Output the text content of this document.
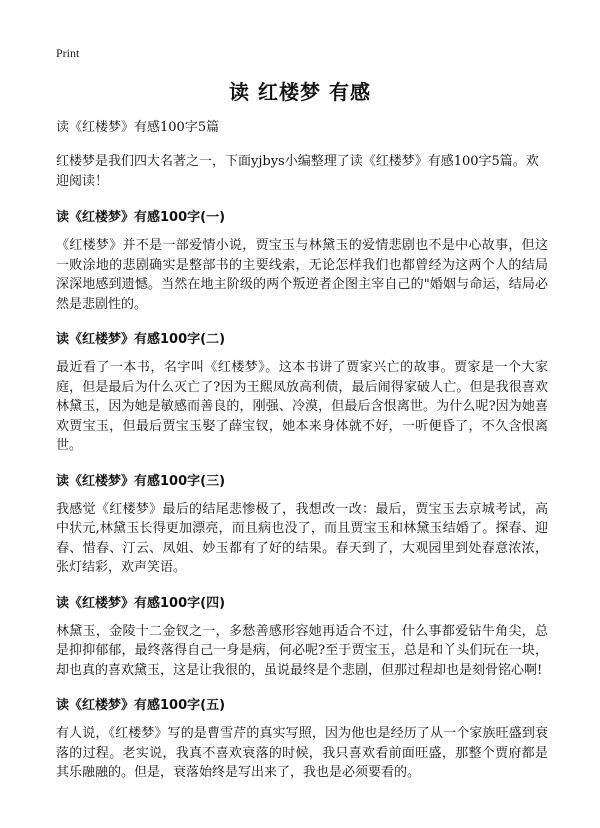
Print
读 红楼梦 有感

读《红楼梦》有感100字5篇

红楼梦是我们四大名著之一，下面yjbys小编整理了读《红楼梦》有感100字5篇。欢迎阅读！

读《红楼梦》有感100字(一)

《红楼梦》并不是一部爱情小说，贾宝玉与林黛玉的爱情悲剧也不是中心故事，但这一败涂地的悲剧确实是整部书的主要线索，无论怎样我们也都曾经为这两个人的结局深深地感到遗憾。当然在地主阶级的两个叛逆者企图主宰自己的"婚姻与命运，结局必然是悲剧性的。

读《红楼梦》有感100字(二)

最近看了一本书，名字叫《红楼梦》。这本书讲了贾家兴亡的故事。贾家是一个大家庭，但是最后为什么灭亡了?因为王熙凤放高利债，最后闹得家破人亡。但是我很喜欢林黛玉，因为她是敏感而善良的，刚强、冷漠，但最后含恨离世。为什么呢?因为她喜欢贾宝玉，但最后贾宝玉娶了薛宝钗，她本来身体就不好，一听便昏了，不久含恨离世。

读《红楼梦》有感100字(三)

我感觉《红楼梦》最后的结尾悲惨极了，我想改一改：最后，贾宝玉去京城考试，高中状元,林黛玉长得更加漂亮，而且病也没了，而且贾宝玉和林黛玉结婚了。探春、迎春、惜春、汀云、凤姐、妙玉都有了好的结果。春天到了，大观园里到处春意浓浓，张灯结彩，欢声笑语。

读《红楼梦》有感100字(四)

林黛玉，金陵十二金钗之一，多愁善感形容她再适合不过，什么事都爱钻牛角尖，总是抑抑郁郁，最终落得自己一身是病，何必呢?至于贾宝玉，总是和丫头们玩在一块，却也真的喜欢黛玉，这是让我很的，虽说最终是个悲剧，但那过程却也是刻骨铭心啊!

读《红楼梦》有感100字(五)

有人说，《红楼梦》写的是曹雪芹的真实写照，因为他也是经历了从一个家族旺盛到衰落的过程。老实说，我真不喜欢衰落的时候，我只喜欢看前面旺盛，那整个贾府都是其乐融融的。但是，衰落始终是写出来了，我也是必须要看的。
